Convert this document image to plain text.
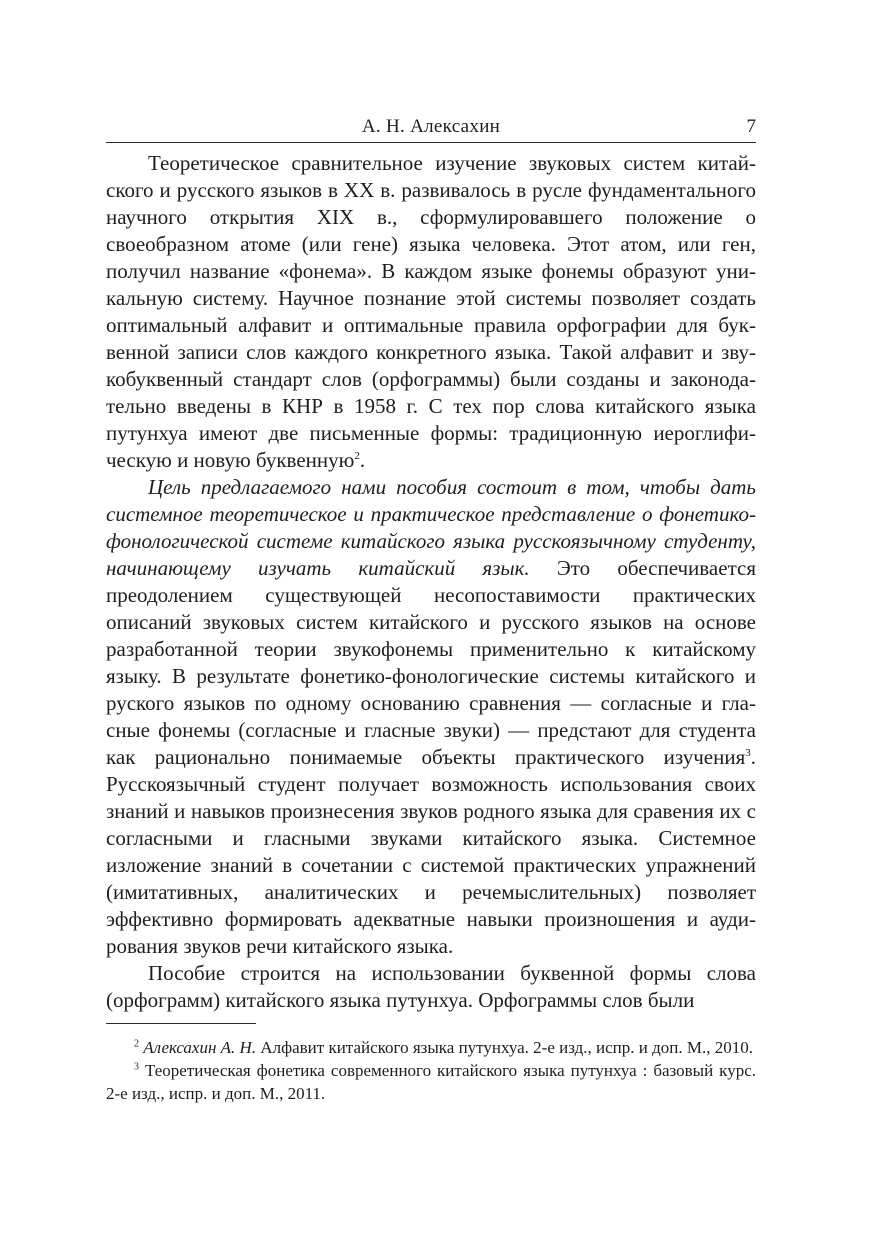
А. Н. Алексахин	7

Теоретическое сравнительное изучение звуковых систем китайского и русского языков в XX в. развивалось в русле фундаментального научного открытия XIX в., сформулировавшего положение о своеобразном атоме (или гене) языка человека. Этот атом, или ген, получил название «фонема». В каждом языке фонемы образуют уникальную систему. Научное познание этой системы позволяет создать оптимальный алфавит и оптимальные правила орфографии для буквенной записи слов каждого конкретного языка. Такой алфавит и звукобуквенный стандарт слов (орфограммы) были созданы и законодательно введены в КНР в 1958 г. С тех пор слова китайского языка путунхуа имеют две письменные формы: традиционную иероглифическую и новую буквенную$^2$.

Цель предлагаемого нами пособия состоит в том, чтобы дать системное теоретическое и практическое представление о фонетико-фонологической системе китайского языка русскоязычному студенту, начинающему изучать китайский язык. Это обеспечивается преодолением существующей несопоставимости практических описаний звуковых систем китайского и русского языков на основе разработанной теории звукофонемы применительно к китайскому языку. В результате фонетико-фонологические системы китайского и руского языков по одному основанию сравнения — согласные и гласные фонемы (согласные и гласные звуки) — предстают для студента как рационально понимаемые объекты практического изучения$^3$. Русскоязычный студент получает возможность использования своих знаний и навыков произнесения звуков родного языка для сравения их с согласными и гласными звуками китайского языка. Системное изложение знаний в сочетании с системой практических упражнений (имитативных, аналитических и речемыслительных) позволяет эффективно формировать адекватные навыки произношения и аудирования звуков речи китайского языка.

Пособие строится на использовании буквенной формы слова (орфограмм) китайского языка путунхуа. Орфограммы слов были

$^2$ Алексахин А. Н. Алфавит китайского языка путунхуа. 2-е изд., испр. и доп. М., 2010.

$^3$ Теоретическая фонетика современного китайского языка путунхуа : базовый курс. 2-е изд., испр. и доп. М., 2011.
